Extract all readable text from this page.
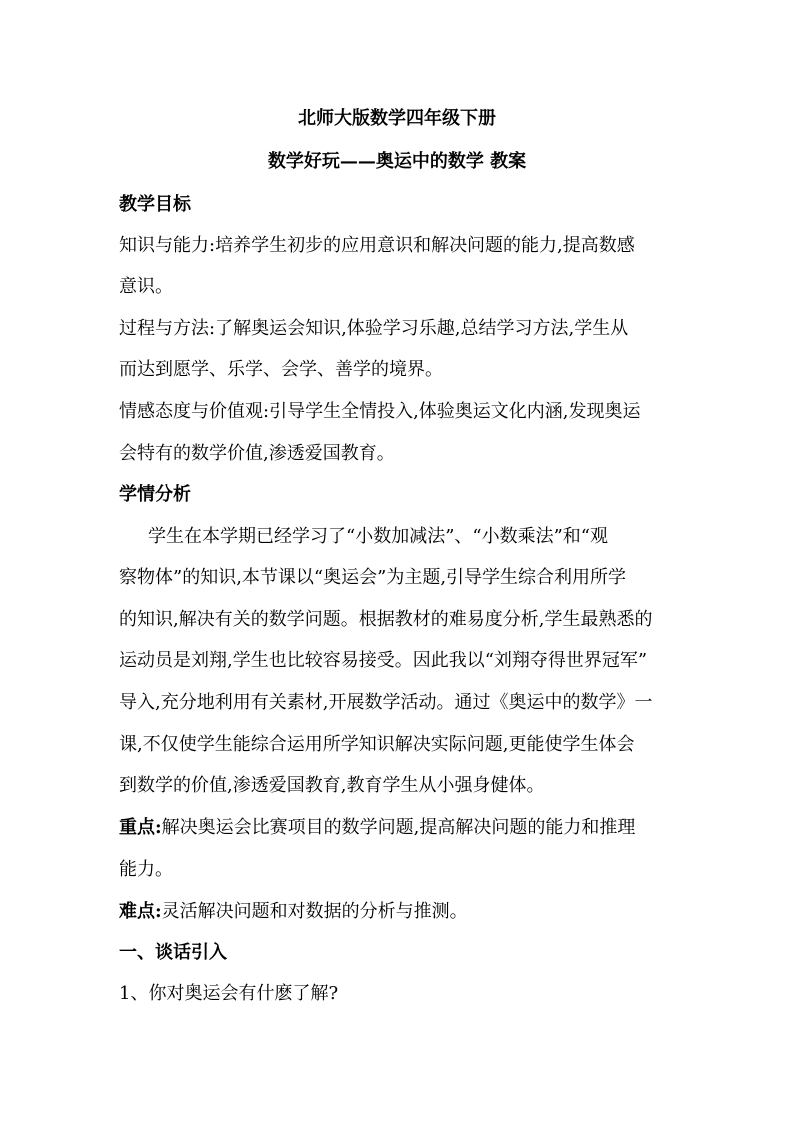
北师大版数学四年级下册
数学好玩——奥运中的数学 教案
教学目标
知识与能力:培养学生初步的应用意识和解决问题的能力,提高数感
意识。
过程与方法:了解奥运会知识,体验学习乐趣,总结学习方法,学生从
而达到愿学、乐学、会学、善学的境界。
情感态度与价值观:引导学生全情投入,体验奥运文化内涵,发现奥运
会特有的数学价值,渗透爱国教育。
学情分析
学生在本学期已经学习了“小数加减法”、“小数乘法”和“观
察物体”的知识,本节课以“奥运会”为主题,引导学生综合利用所学
的知识,解决有关的数学问题。根据教材的难易度分析,学生最熟悉的
运动员是刘翔,学生也比较容易接受。因此我以“刘翔夺得世界冠军”
导入,充分地利用有关素材,开展数学活动。通过《奥运中的数学》一
课,不仅使学生能综合运用所学知识解决实际问题,更能使学生体会
到数学的价值,渗透爱国教育,教育学生从小强身健体。
重点:解决奥运会比赛项目的数学问题,提高解决问题的能力和推理
能力。
难点:灵活解决问题和对数据的分析与推测。
一、谈话引入
1、你对奥运会有什麽了解?
